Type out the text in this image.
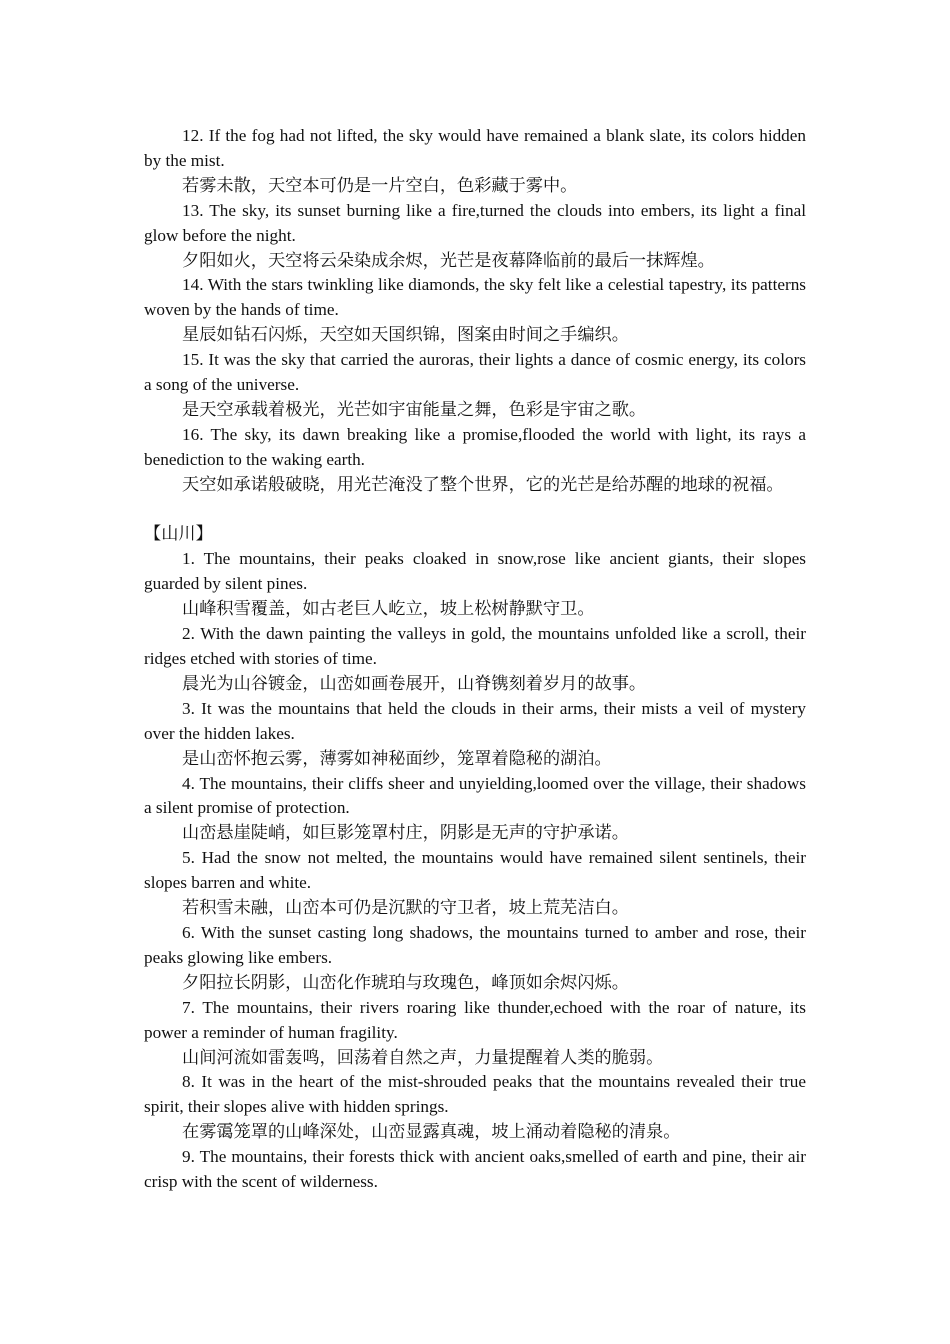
12. If the fog had not lifted, the sky would have remained a blank slate, its colors hidden by the mist.

若雾未散，天空本可仍是一片空白，色彩藏于雾中。

13. The sky, its sunset burning like a fire,turned the clouds into embers, its light a final glow before the night.

夕阳如火，天空将云朵染成余烬，光芒是夜幕降临前的最后一抹辉煌。

14. With the stars twinkling like diamonds, the sky felt like a celestial tapestry, its patterns woven by the hands of time.

星辰如钻石闪烁，天空如天国织锦，图案由时间之手编织。

15. It was the sky that carried the auroras, their lights a dance of cosmic energy, its colors a song of the universe.

是天空承载着极光，光芒如宇宙能量之舞，色彩是宇宙之歌。

16. The sky, its dawn breaking like a promise,flooded the world with light, its rays a benediction to the waking earth.

天空如承诺般破晓，用光芒淹没了整个世界，它的光芒是给苏醒的地球的祝福。

【山川】

1. The mountains, their peaks cloaked in snow,rose like ancient giants, their slopes guarded by silent pines.

山峰积雪覆盖，如古老巨人屹立，坡上松树静默守卫。

2. With the dawn painting the valleys in gold, the mountains unfolded like a scroll, their ridges etched with stories of time.

晨光为山谷镀金，山峦如画卷展开，山脊镌刻着岁月的故事。

3. It was the mountains that held the clouds in their arms, their mists a veil of mystery over the hidden lakes.

是山峦怀抱云雾，薄雾如神秘面纱，笼罩着隐秘的湖泊。

4. The mountains, their cliffs sheer and unyielding,loomed over the village, their shadows a silent promise of protection.

山峦悬崖陡峭，如巨影笼罩村庄，阴影是无声的守护承诺。

5. Had the snow not melted, the mountains would have remained silent sentinels, their slopes barren and white.

若积雪未融，山峦本可仍是沉默的守卫者，坡上荒芜洁白。

6. With the sunset casting long shadows, the mountains turned to amber and rose, their peaks glowing like embers.

夕阳拉长阴影，山峦化作琥珀与玫瑰色，峰顶如余烬闪烁。

7. The mountains, their rivers roaring like thunder,echoed with the roar of nature, its power a reminder of human fragility.

山间河流如雷轰鸣，回荡着自然之声，力量提醒着人类的脆弱。

8. It was in the heart of the mist-shrouded peaks that the mountains revealed their true spirit, their slopes alive with hidden springs.

在雾霭笼罩的山峰深处，山峦显露真魂，坡上涌动着隐秘的清泉。

9. The mountains, their forests thick with ancient oaks,smelled of earth and pine, their air crisp with the scent of wilderness.
